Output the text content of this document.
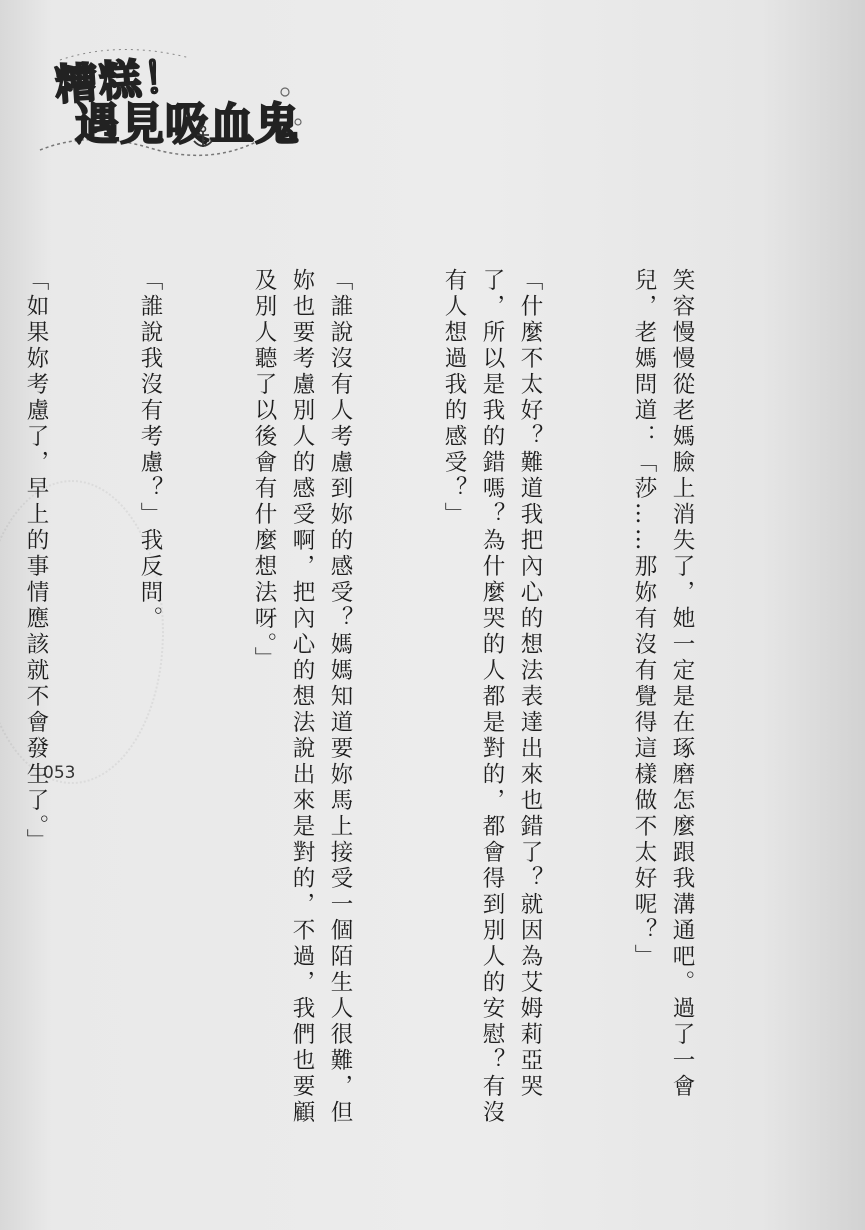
糟糕！
遇見吸血鬼

笑容慢慢從老媽臉上消失了，她一定是在琢磨怎麼跟我溝通吧。過了一會兒，老媽問道：「莎……那妳有沒有覺得這樣做不太好呢？」

「什麼不太好？難道我把內心的想法表達出來也錯了？就因為艾姆莉亞哭了，所以是我的錯嗎？為什麼哭的人都是對的，都會得到別人的安慰？有沒有人想過我的感受？」

「誰說沒有人考慮到妳的感受？媽媽知道要妳馬上接受一個陌生人很難，但妳也要考慮別人的感受啊，把內心的想法說出來是對的，不過，我們也要顧及別人聽了以後會有什麼想法呀。」

「誰說我沒有考慮？」我反問。

「如果妳考慮了，早上的事情應該就不會發生了。」

053
